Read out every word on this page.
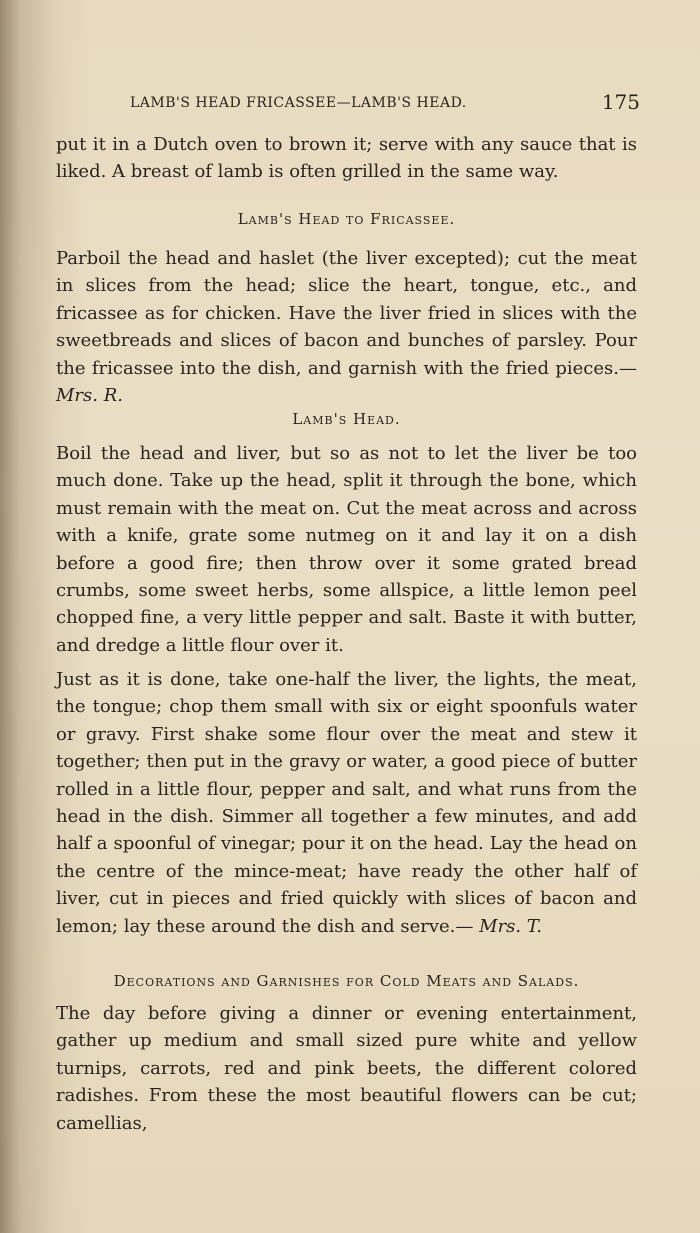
LAMB'S HEAD FRICASSEE—LAMB'S HEAD.	175

put it in a Dutch oven to brown it; serve with any sauce that is liked. A breast of lamb is often grilled in the same way.

Lamb's Head to Fricassee.

Parboil the head and haslet (the liver excepted); cut the meat in slices from the head; slice the heart, tongue, etc., and fricassee as for chicken. Have the liver fried in slices with the sweetbreads and slices of bacon and bunches of parsley. Pour the fricassee into the dish, and garnish with the fried pieces.— Mrs. R.

Lamb's Head.

Boil the head and liver, but so as not to let the liver be too much done. Take up the head, split it through the bone, which must remain with the meat on. Cut the meat across and across with a knife, grate some nutmeg on it and lay it on a dish before a good fire; then throw over it some grated bread crumbs, some sweet herbs, some allspice, a little lemon peel chopped fine, a very little pepper and salt. Baste it with butter, and dredge a little flour over it.

Just as it is done, take one-half the liver, the lights, the meat, the tongue; chop them small with six or eight spoonfuls water or gravy. First shake some flour over the meat and stew it together; then put in the gravy or water, a good piece of butter rolled in a little flour, pepper and salt, and what runs from the head in the dish. Simmer all together a few minutes, and add half a spoonful of vinegar; pour it on the head. Lay the head on the centre of the mince-meat; have ready the other half of liver, cut in pieces and fried quickly with slices of bacon and lemon; lay these around the dish and serve.— Mrs. T.

Decorations and Garnishes for Cold Meats and Salads.

The day before giving a dinner or evening entertainment, gather up medium and small sized pure white and yellow turnips, carrots, red and pink beets, the different colored radishes. From these the most beautiful flowers can be cut; camellias,
